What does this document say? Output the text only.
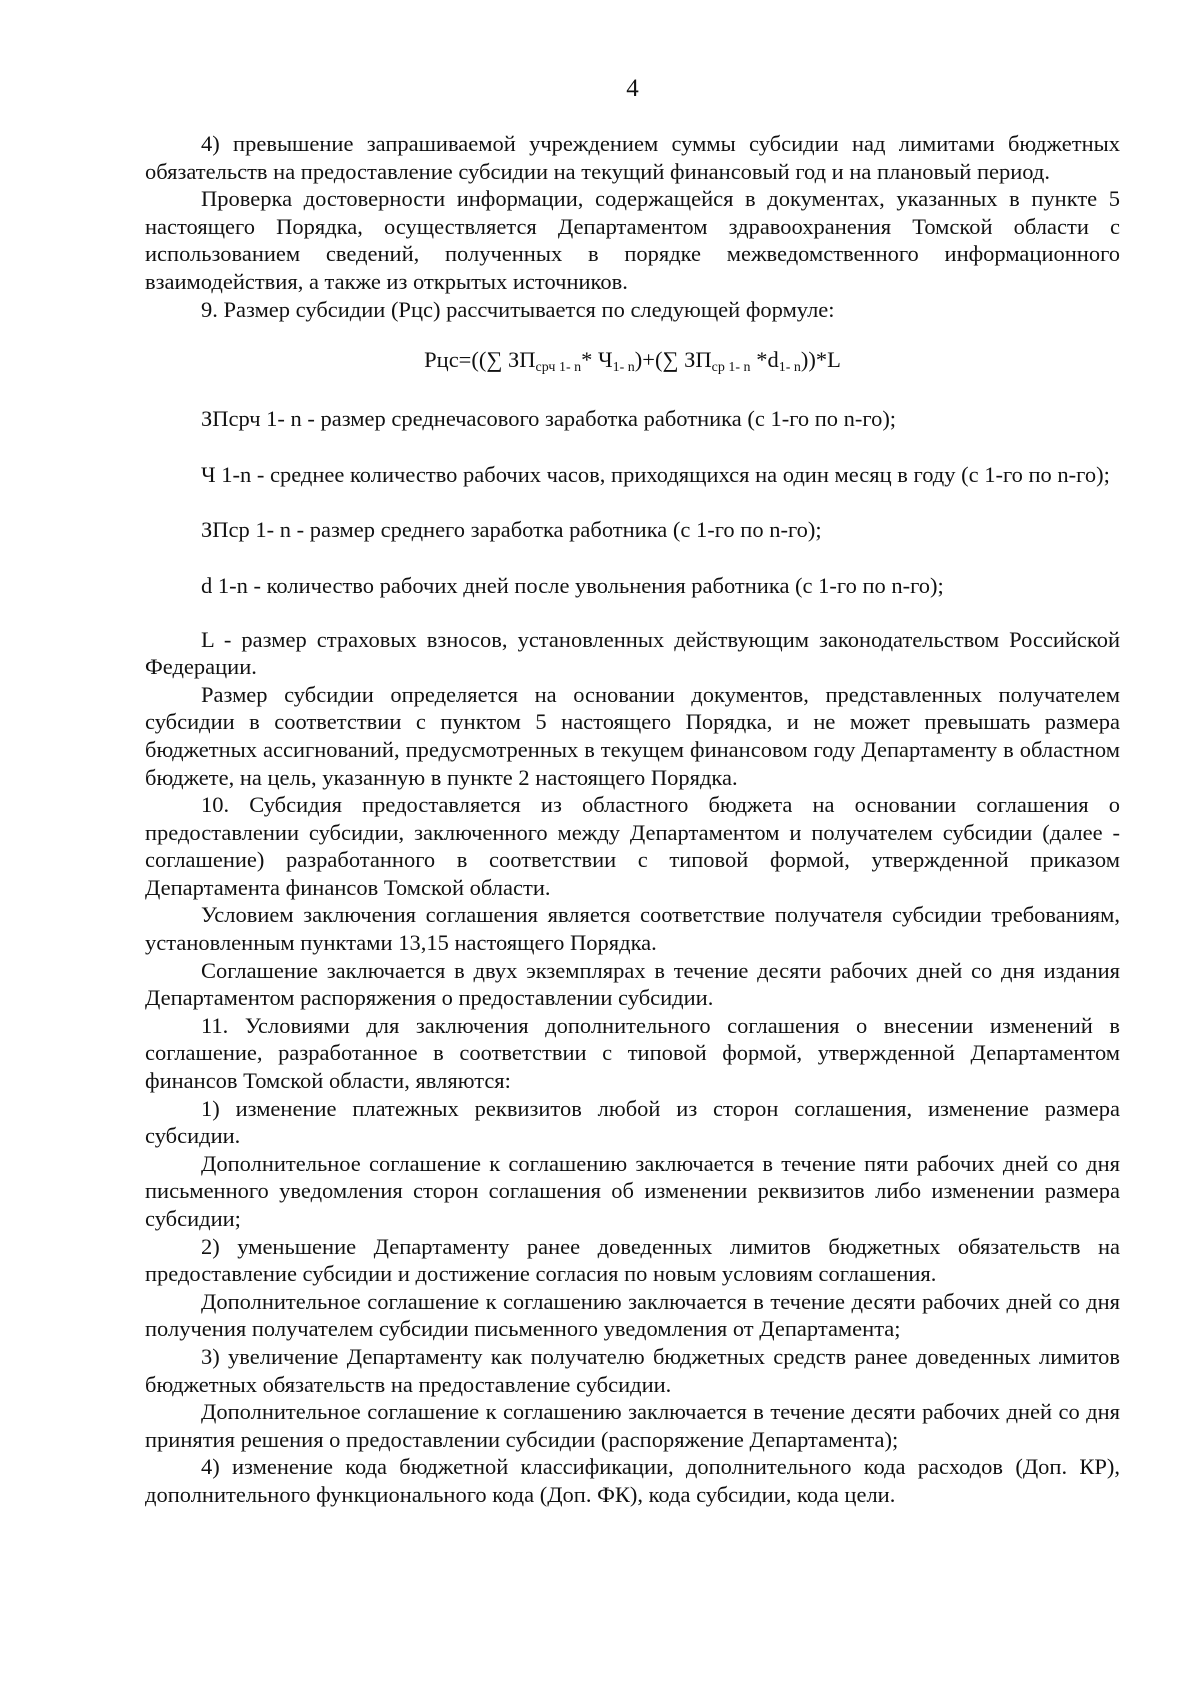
4

4) превышение запрашиваемой учреждением суммы субсидии над лимитами бюджетных обязательств на предоставление субсидии на текущий финансовый год и на плановый период.

Проверка достоверности информации, содержащейся в документах, указанных в пункте 5 настоящего Порядка, осуществляется Департаментом здравоохранения Томской области с использованием сведений, полученных в порядке межведомственного информационного взаимодействия, а также из открытых источников.

9. Размер субсидии (Рцс) рассчитывается по следующей формуле:

Рцс=((∑ $ЗП_{срч 1- n}*$ $Ч_{1- n})+(\sum$ $ЗП_{ср 1- n}$ $*d_{1- n}))*L$

ЗПсрч 1- n - размер среднечасового заработка работника (с 1-го по n-го);

Ч 1-n - среднее количество рабочих часов, приходящихся на один месяц в году (с 1-го по n-го);

ЗПср 1- n - размер среднего заработка работника (с 1-го по n-го);

d 1-n - количество рабочих дней после увольнения работника (с 1-го по n-го);

L - размер страховых взносов, установленных действующим законодательством Российской Федерации.

Размер субсидии определяется на основании документов, представленных получателем субсидии в соответствии с пунктом 5 настоящего Порядка, и не может превышать размера бюджетных ассигнований, предусмотренных в текущем финансовом году Департаменту в областном бюджете, на цель, указанную в пункте 2 настоящего Порядка.

10. Субсидия предоставляется из областного бюджета на основании соглашения о предоставлении субсидии, заключенного между Департаментом и получателем субсидии (далее - соглашение) разработанного в соответствии с типовой формой, утвержденной приказом Департамента финансов Томской области.

Условием заключения соглашения является соответствие получателя субсидии требованиям, установленным пунктами 13,15 настоящего Порядка.

Соглашение заключается в двух экземплярах в течение десяти рабочих дней со дня издания Департаментом распоряжения о предоставлении субсидии.

11. Условиями для заключения дополнительного соглашения о внесении изменений в соглашение, разработанное в соответствии с типовой формой, утвержденной Департаментом финансов Томской области, являются:

1) изменение платежных реквизитов любой из сторон соглашения, изменение размера субсидии.

Дополнительное соглашение к соглашению заключается в течение пяти рабочих дней со дня письменного уведомления сторон соглашения об изменении реквизитов либо изменении размера субсидии;

2) уменьшение Департаменту ранее доведенных лимитов бюджетных обязательств на предоставление субсидии и достижение согласия по новым условиям соглашения.

Дополнительное соглашение к соглашению заключается в течение десяти рабочих дней со дня получения получателем субсидии письменного уведомления от Департамента;

3) увеличение Департаменту как получателю бюджетных средств ранее доведенных лимитов бюджетных обязательств на предоставление субсидии.

Дополнительное соглашение к соглашению заключается в течение десяти рабочих дней со дня принятия решения о предоставлении субсидии (распоряжение Департамента);

4) изменение кода бюджетной классификации, дополнительного кода расходов (Доп. КР), дополнительного функционального кода (Доп. ФК), кода субсидии, кода цели.
